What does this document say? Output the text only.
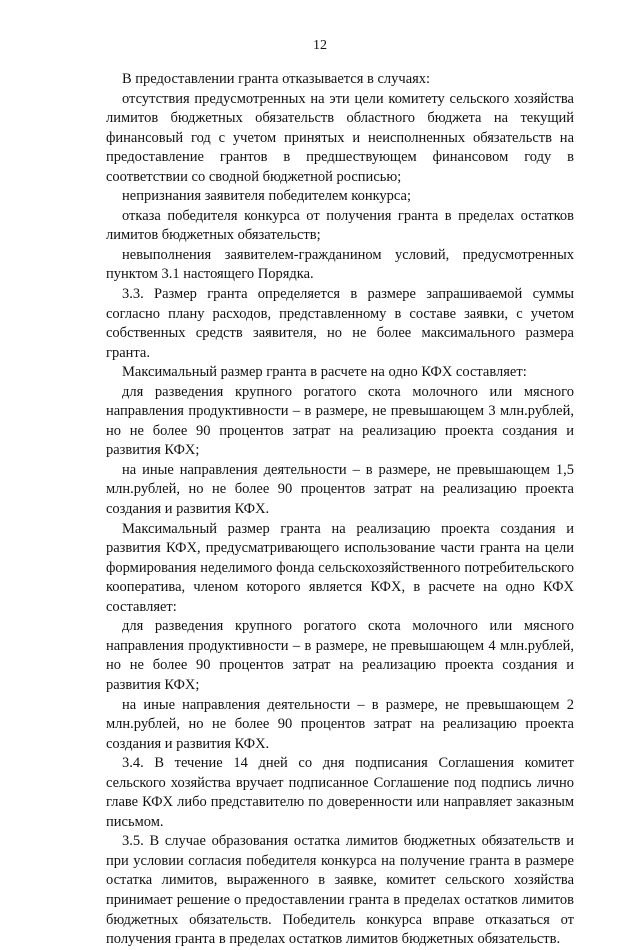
12

В предоставлении гранта отказывается в случаях:

отсутствия предусмотренных на эти цели комитету сельского хозяйства лимитов бюджетных обязательств областного бюджета на текущий финансовый год с учетом принятых и неисполненных обязательств на предоставление грантов в предшествующем финансовом году в соответствии со сводной бюджетной росписью;

непризнания заявителя победителем конкурса;

отказа победителя конкурса от получения гранта в пределах остатков лимитов бюджетных обязательств;

невыполнения заявителем-гражданином условий, предусмотренных пунктом 3.1 настоящего Порядка.

3.3. Размер гранта определяется в размере запрашиваемой суммы согласно плану расходов, представленному в составе заявки, с учетом собственных средств заявителя, но не более максимального размера гранта.

Максимальный размер гранта в расчете на одно КФХ составляет:

для разведения крупного рогатого скота молочного или мясного направления продуктивности – в размере, не превышающем 3 млн.рублей, но не более 90 процентов затрат на реализацию проекта создания и развития КФХ;

на иные направления деятельности – в размере, не превышающем 1,5 млн.рублей, но не более 90 процентов затрат на реализацию проекта создания и развития КФХ.

Максимальный размер гранта на реализацию проекта создания и развития КФХ, предусматривающего использование части гранта на цели формирования неделимого фонда сельскохозяйственного потребительского кооператива, членом которого является КФХ, в расчете на одно КФХ составляет:

для разведения крупного рогатого скота молочного или мясного направления продуктивности – в размере, не превышающем 4 млн.рублей, но не более 90 процентов затрат на реализацию проекта создания и развития КФХ;

на иные направления деятельности – в размере, не превышающем 2 млн.рублей, но не более 90 процентов затрат на реализацию проекта создания и развития КФХ.

3.4. В течение 14 дней со дня подписания Соглашения комитет сельского хозяйства вручает подписанное Соглашение под подпись лично главе КФХ либо представителю по доверенности или направляет заказным письмом.

3.5. В случае образования остатка лимитов бюджетных обязательств и при условии согласия победителя конкурса на получение гранта в размере остатка лимитов, выраженного в заявке, комитет сельского хозяйства принимает решение о предоставлении гранта в пределах остатков лимитов бюджетных обязательств. Победитель конкурса вправе отказаться от получения гранта в пределах остатков лимитов бюджетных обязательств.
